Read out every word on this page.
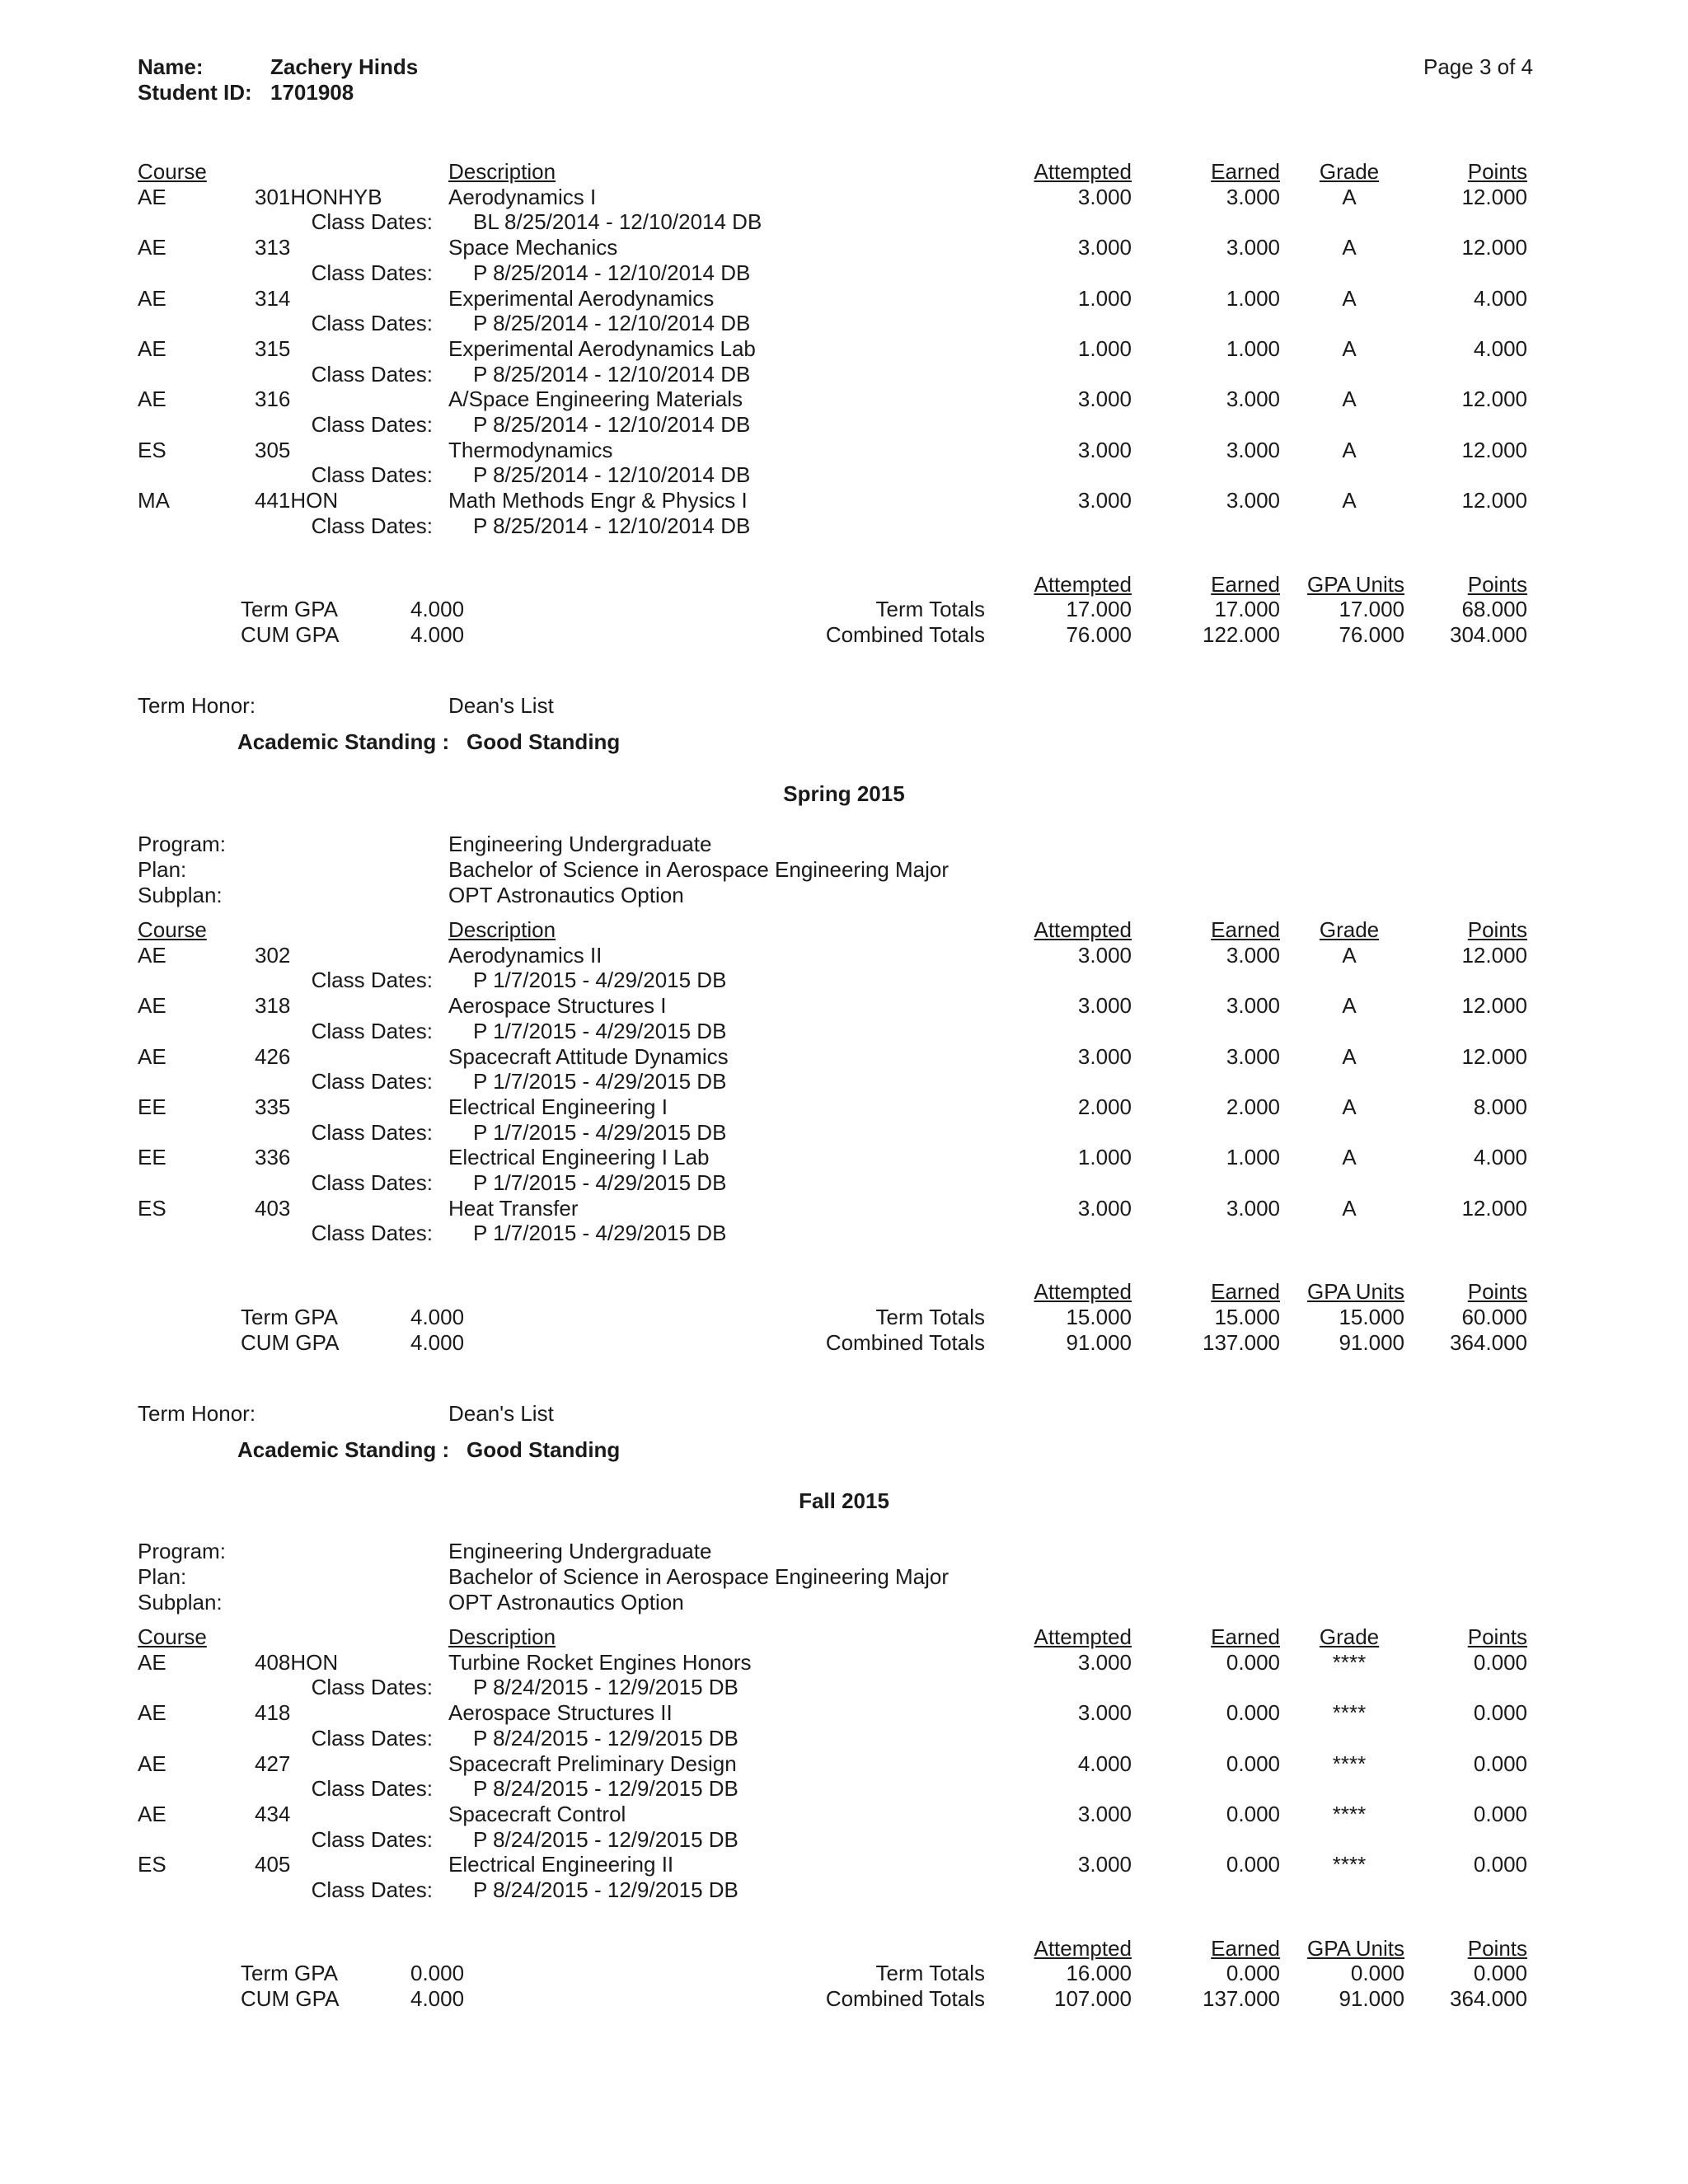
Name:	Zachery Hinds
Student ID: 1701908
Page 3 of 4
Course	Description	Attempted	Earned	Grade	Points
AE	301HONHYB	Aerodynamics I	3.000	3.000	A	12.000
Class Dates: BL 8/25/2014 - 12/10/2014 DB
AE	313	Space Mechanics	3.000	3.000	A	12.000
Class Dates: P 8/25/2014 - 12/10/2014 DB
AE	314	Experimental Aerodynamics	1.000	1.000	A	4.000
Class Dates: P 8/25/2014 - 12/10/2014 DB
AE	315	Experimental Aerodynamics Lab	1.000	1.000	A	4.000
Class Dates: P 8/25/2014 - 12/10/2014 DB
AE	316	A/Space Engineering Materials	3.000	3.000	A	12.000
Class Dates: P 8/25/2014 - 12/10/2014 DB
ES	305	Thermodynamics	3.000	3.000	A	12.000
Class Dates: P 8/25/2014 - 12/10/2014 DB
MA	441HON	Math Methods Engr & Physics I	3.000	3.000	A	12.000
Class Dates: P 8/25/2014 - 12/10/2014 DB
Attempted	Earned	GPA Units	Points
Term GPA	4.000	Term Totals	17.000	17.000	17.000	68.000
CUM GPA	4.000	Combined Totals	76.000	122.000	76.000	304.000
Term Honor:	Dean's List
Academic Standing : Good Standing
Spring 2015
Program:	Engineering Undergraduate
Plan:	Bachelor of Science in Aerospace Engineering Major
Subplan:	OPT Astronautics Option
Course	Description	Attempted	Earned	Grade	Points
AE	302	Aerodynamics II	3.000	3.000	A	12.000
Class Dates: P 1/7/2015 - 4/29/2015 DB
AE	318	Aerospace Structures I	3.000	3.000	A	12.000
Class Dates: P 1/7/2015 - 4/29/2015 DB
AE	426	Spacecraft Attitude Dynamics	3.000	3.000	A	12.000
Class Dates: P 1/7/2015 - 4/29/2015 DB
EE	335	Electrical Engineering I	2.000	2.000	A	8.000
Class Dates: P 1/7/2015 - 4/29/2015 DB
EE	336	Electrical Engineering I Lab	1.000	1.000	A	4.000
Class Dates: P 1/7/2015 - 4/29/2015 DB
ES	403	Heat Transfer	3.000	3.000	A	12.000
Class Dates: P 1/7/2015 - 4/29/2015 DB
Attempted	Earned	GPA Units	Points
Term GPA	4.000	Term Totals	15.000	15.000	15.000	60.000
CUM GPA	4.000	Combined Totals	91.000	137.000	91.000	364.000
Term Honor:	Dean's List
Academic Standing : Good Standing
Fall 2015
Program:	Engineering Undergraduate
Plan:	Bachelor of Science in Aerospace Engineering Major
Subplan:	OPT Astronautics Option
Course	Description	Attempted	Earned	Grade	Points
AE	408HON	Turbine Rocket Engines Honors	3.000	0.000	****	0.000
Class Dates: P 8/24/2015 - 12/9/2015 DB
AE	418	Aerospace Structures II	3.000	0.000	****	0.000
Class Dates: P 8/24/2015 - 12/9/2015 DB
AE	427	Spacecraft Preliminary Design	4.000	0.000	****	0.000
Class Dates: P 8/24/2015 - 12/9/2015 DB
AE	434	Spacecraft Control	3.000	0.000	****	0.000
Class Dates: P 8/24/2015 - 12/9/2015 DB
ES	405	Electrical Engineering II	3.000	0.000	****	0.000
Class Dates: P 8/24/2015 - 12/9/2015 DB
Attempted	Earned	GPA Units	Points
Term GPA	0.000	Term Totals	16.000	0.000	0.000	0.000
CUM GPA	4.000	Combined Totals	107.000	137.000	91.000	364.000
